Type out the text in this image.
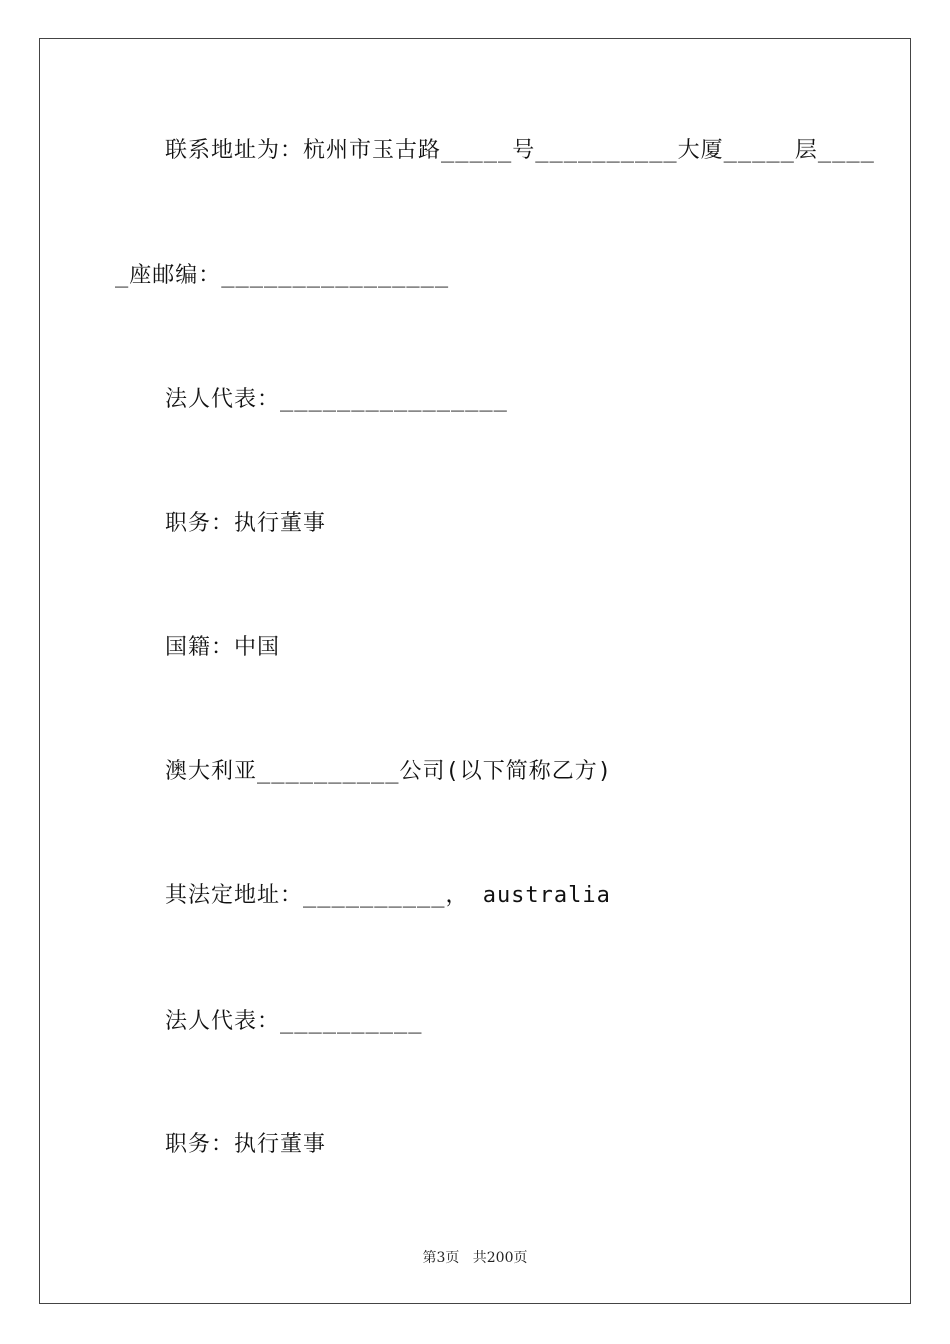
联系地址为：杭州市玉古路_____号__________大厦_____层____
_座邮编：________________
法人代表：________________
职务：执行董事
国籍：中国
澳大利亚__________公司(以下简称乙方)
其法定地址：__________， australia
法人代表：__________
职务：执行董事
第3页   共200页
